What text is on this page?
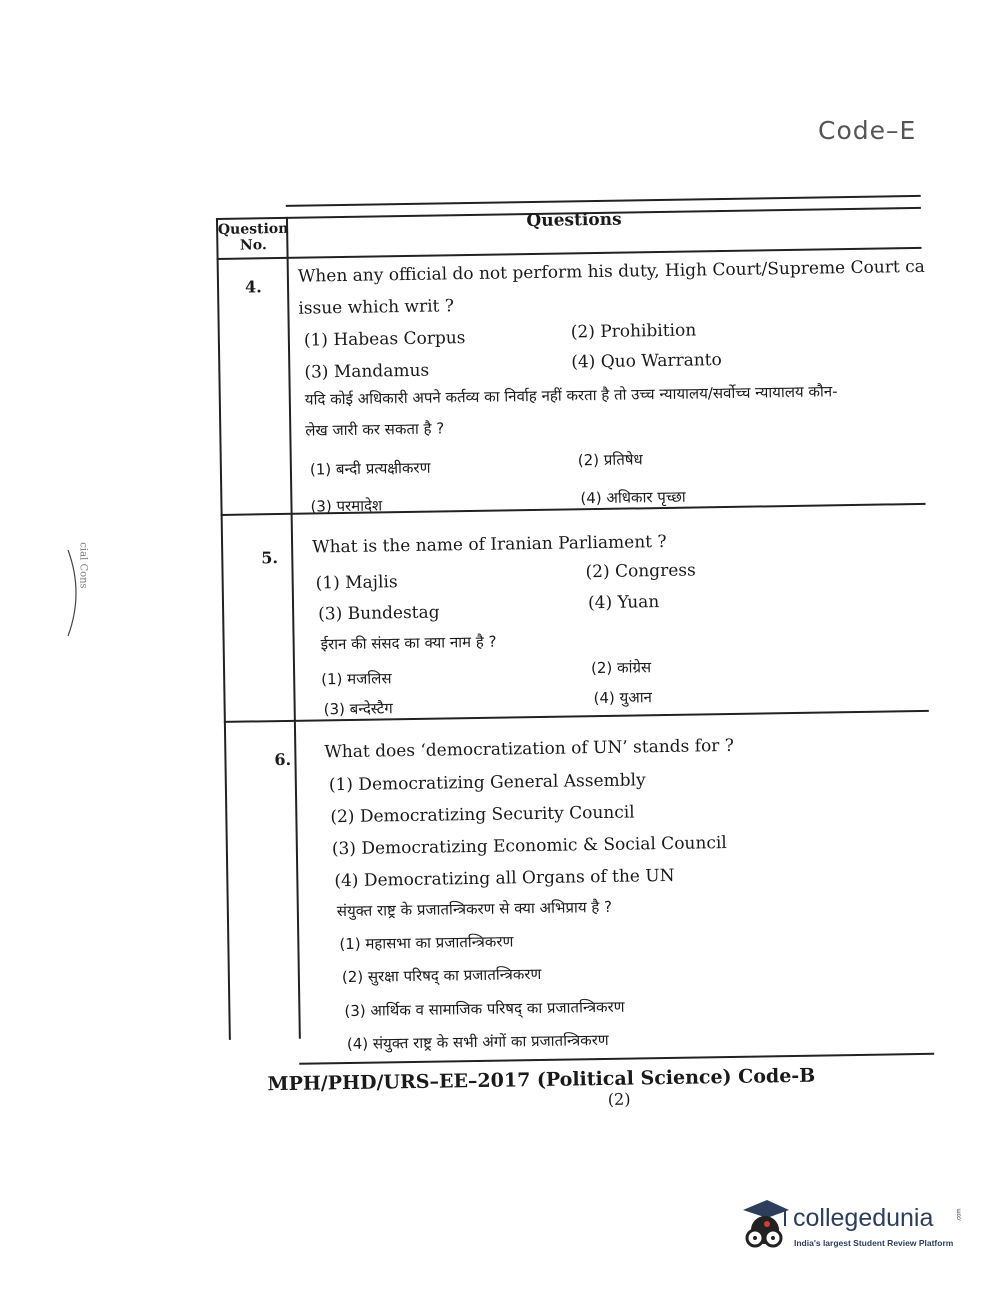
Code–E
cial Cons
Question No.
Questions
4.
When any official do not perform his duty, High Court/Supreme Court ca
issue which writ ?
(1) Habeas Corpus	(2) Prohibition
(3) Mandamus	(4) Quo Warranto
यदि कोई अधिकारी अपने कर्तव्य का निर्वाह नहीं करता है तो उच्च न्यायालय/सर्वोच्च न्यायालय कौन-
लेख जारी कर सकता है ?
(1) बन्दी प्रत्यक्षीकरण	(2) प्रतिषेध
(3) परमादेश	(4) अधिकार पृच्छा
5.
What is the name of Iranian Parliament ?
(1) Majlis
(2) Congress
(3) Bundestag	(4) Yuan
ईरान की संसद का क्या नाम है ?
(1) मजलिस
(2) कांग्रेस
(3) बन्देस्टैग
(4) युआन
6. What does ‘democratization of UN’ stands for ?
(1) Democratizing General Assembly
(2) Democratizing Security Council
(3) Democratizing Economic & Social Council
(4) Democratizing all Organs of the UN
संयुक्त राष्ट्र के प्रजातन्त्रिकरण से क्या अभिप्राय है ?
(1) महासभा का प्रजातन्त्रिकरण
(2) सुरक्षा परिषद् का प्रजातन्त्रिकरण
(3) आर्थिक व सामाजिक परिषद् का प्रजातन्त्रिकरण
(4) संयुक्त राष्ट्र के सभी अंगों का प्रजातन्त्रिकरण
MPH/PHD/URS–EE–2017 (Political Science) Code-B
(2)
collegedunia	.com
India's largest Student Review Platform
